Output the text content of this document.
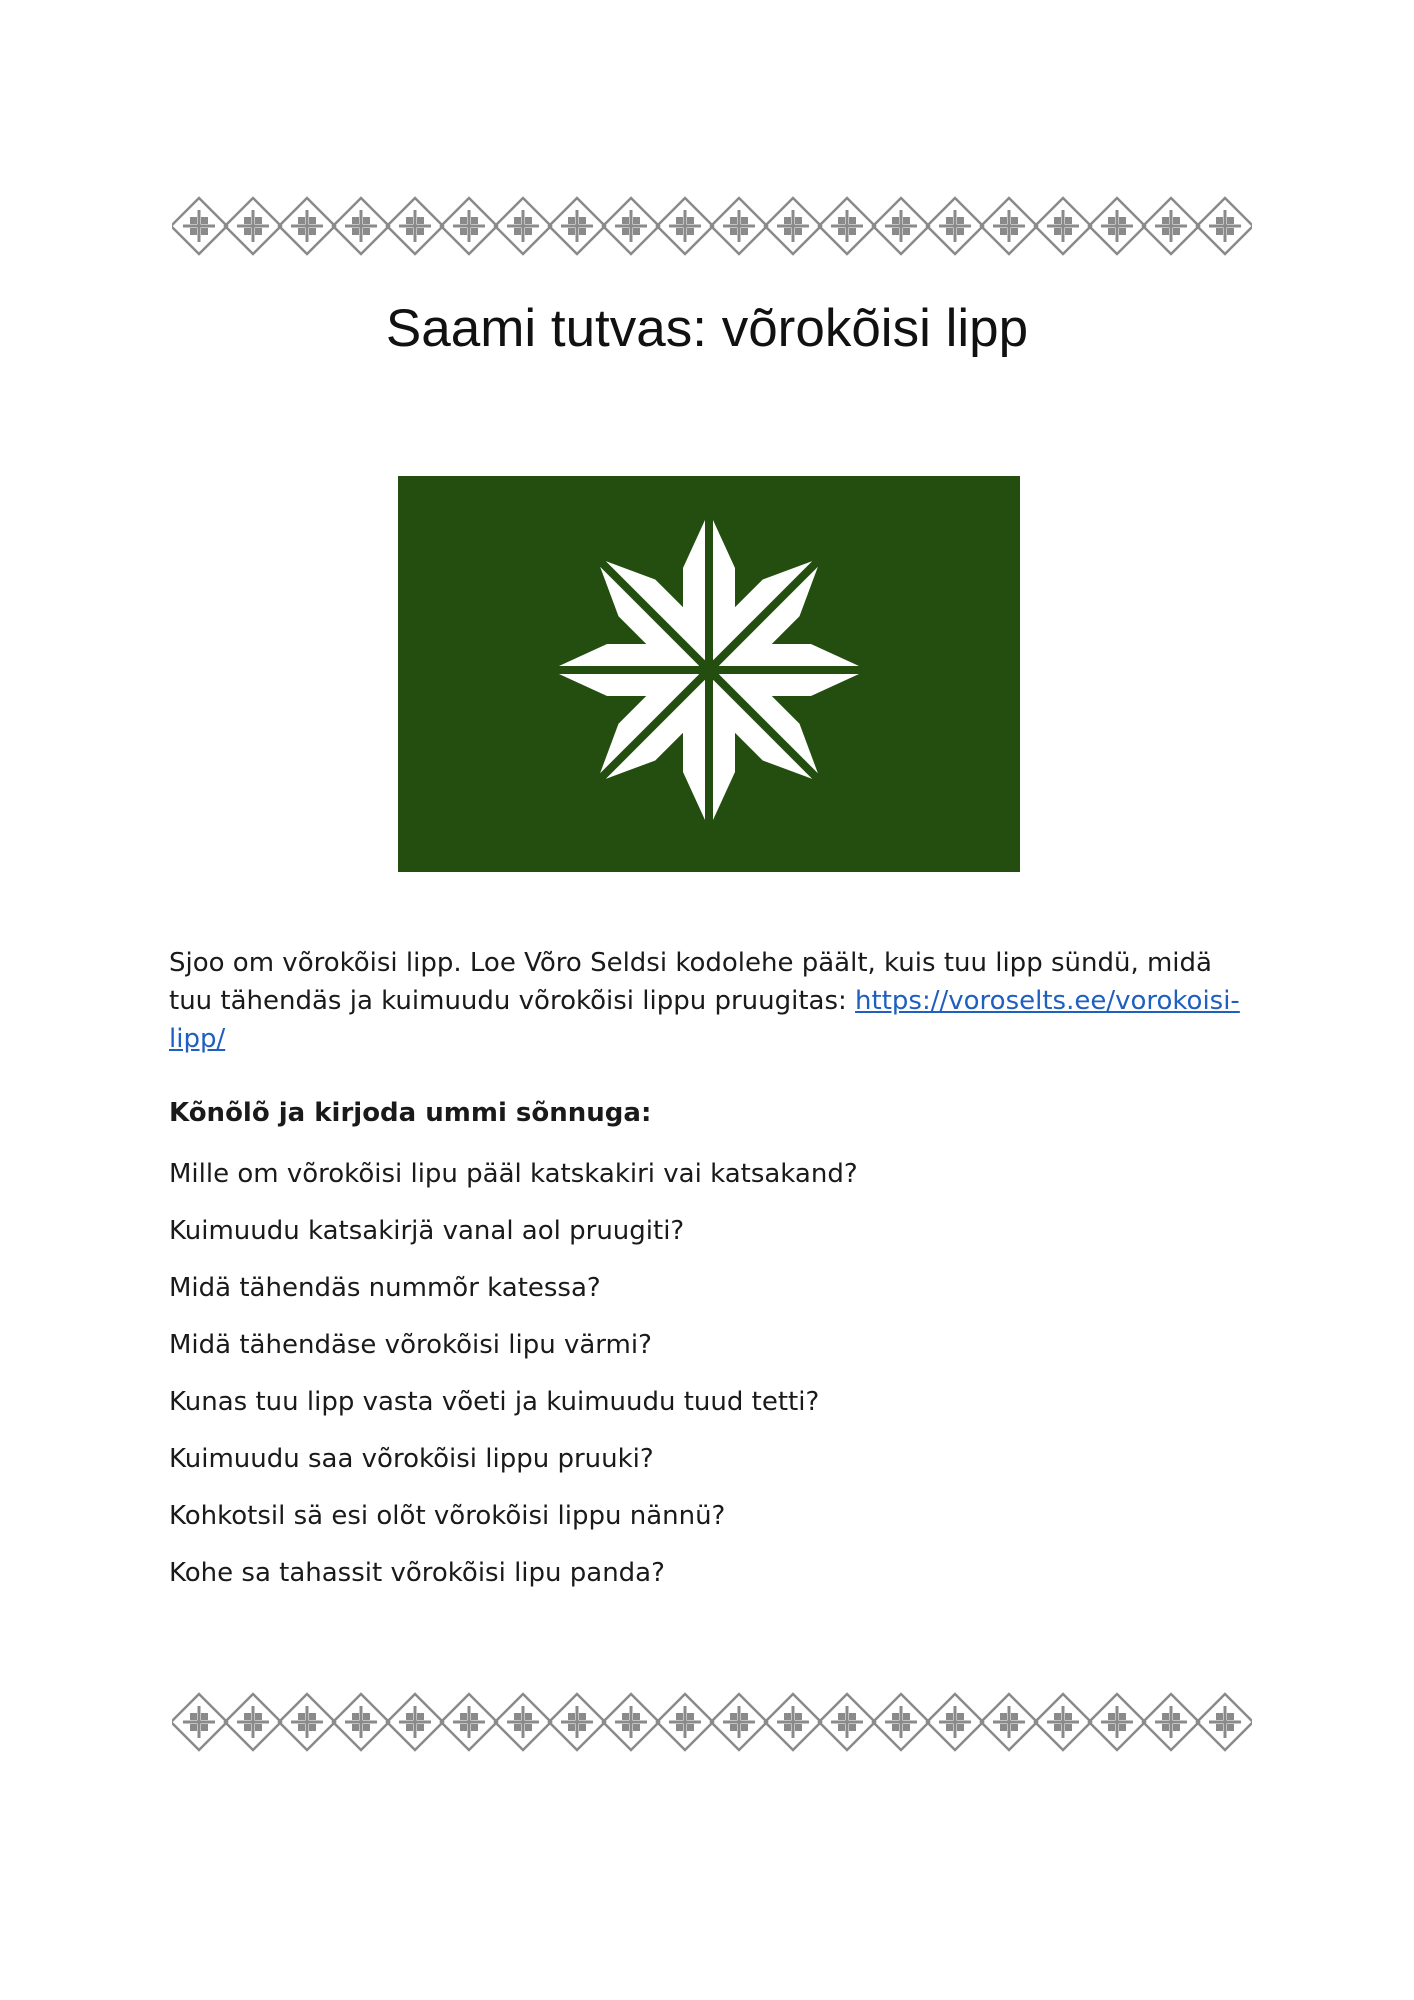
Saami tutvas: võrokõisi lipp

Sjoo om võrokõisi lipp. Loe Võro Seldsi kodolehe päält, kuis tuu lipp sündü, midä tuu tähendäs ja kuimuudu võrokõisi lippu pruugitas: https://voroselts.ee/vorokoisi-lipp/

Kõnõlõ ja kirjoda ummi sõnnuga:

Mille om võrokõisi lipu pääl katskakiri vai katsakand?
Kuimuudu katsakirjä vanal aol pruugiti?
Midä tähendäs nummõr katessa?
Midä tähendäse võrokõisi lipu värmi?
Kunas tuu lipp vasta võeti ja kuimuudu tuud tetti?
Kuimuudu saa võrokõisi lippu pruuki?
Kohkotsil sä esi olõt võrokõisi lippu nännü?
Kohe sa tahassit võrokõisi lipu panda?
